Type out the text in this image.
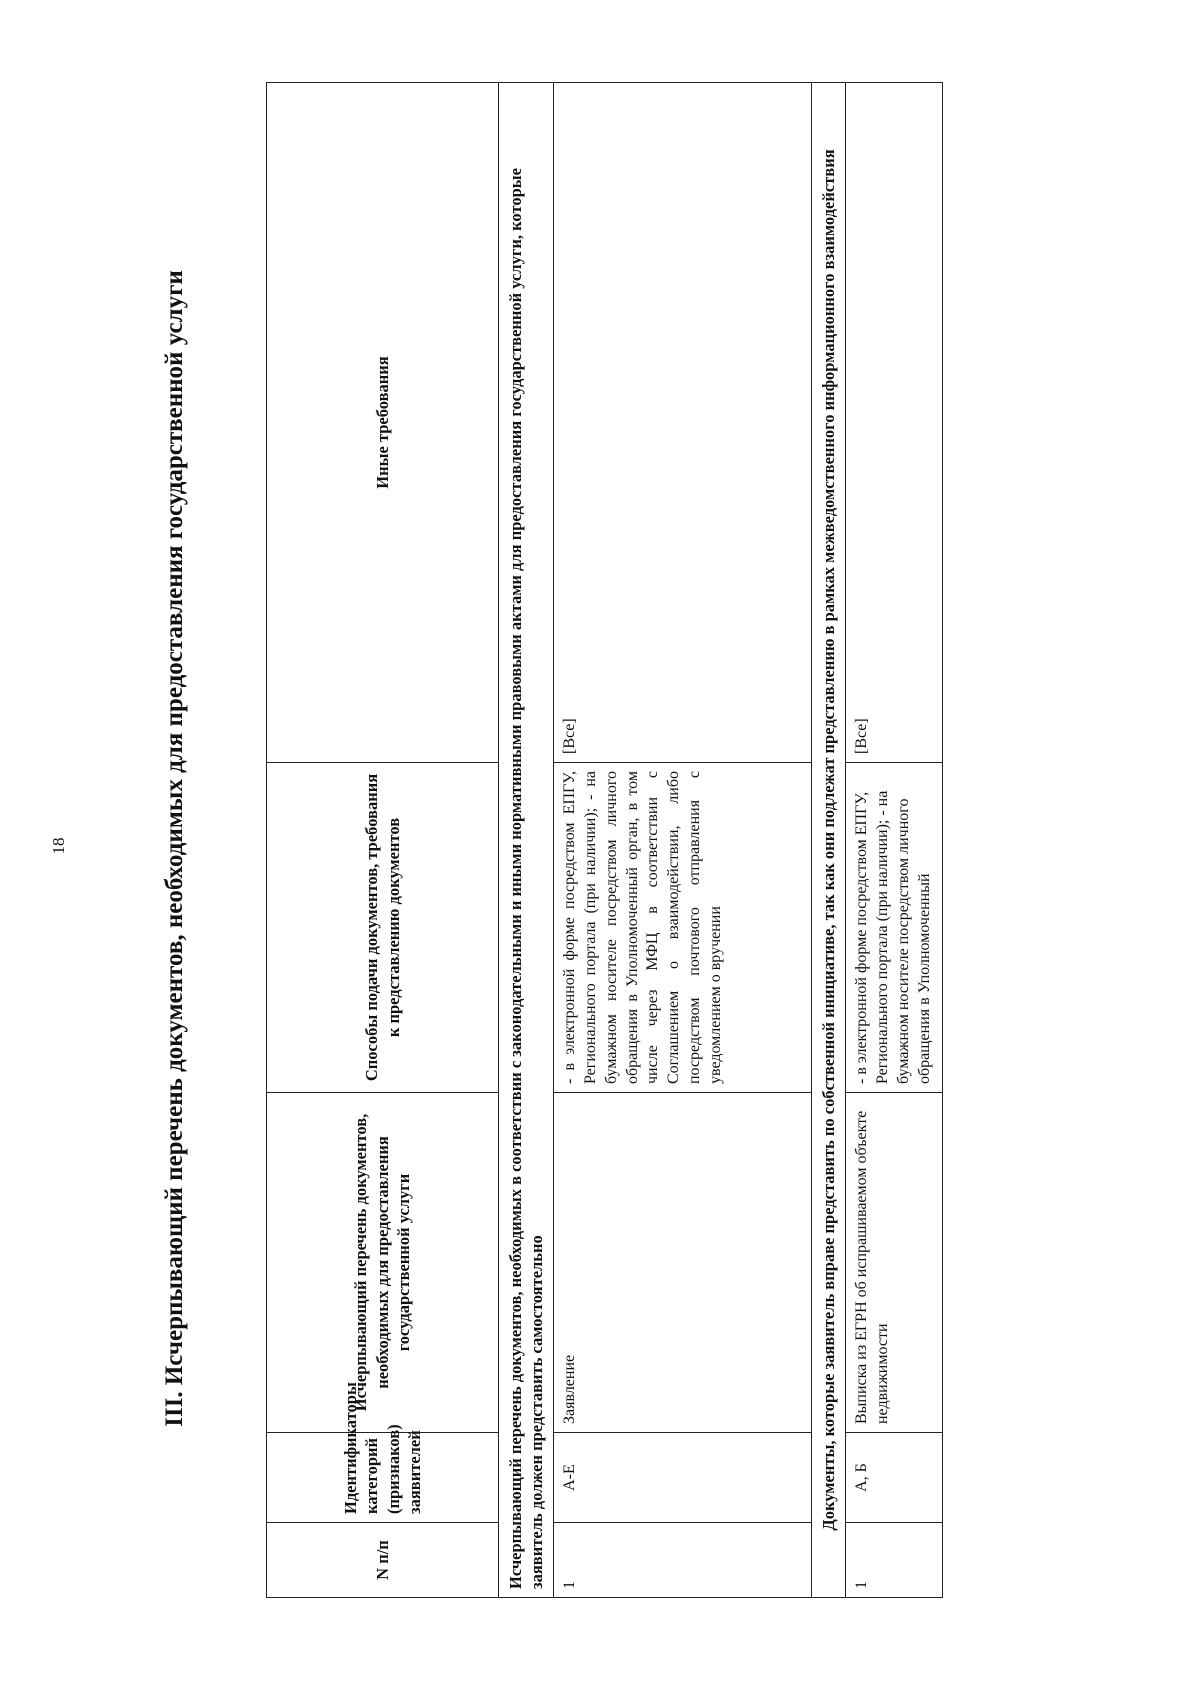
18	III. Исчерпывающий перечень документов, необходимых для предоставления государственной услуги
N п/п	Идентификаторы категорий (признаков) заявителей	Исчерпывающий перечень документов, необходимых для предоставления государственной услуги	Способы подачи документов, требования к представлению документов	Иные требования
Исчерпывающий перечень документов, необходимых в соответствии с законодательными и иными нормативными правовыми актами для предоставления государственной услуги, которые заявитель должен представить самостоятельно				
1	А-Е	Заявление	- в электронной форме посредством ЕПГУ, Регионального портала (при наличии); - на бумажном носителе посредством личного обращения в Уполномоченный орган, в том числе через МФЦ в соответствии с Соглашением о взаимодействии, либо посредством почтового отправления с уведомлением о вручении	[Все]
Документы, которые заявитель вправе представить по собственной инициативе, так как они подлежат представлению в рамках межведомственного информационного взаимодействия				
1	А, Б	Выписка из ЕГРН об испрашиваемом объекте недвижимости	- в электронной форме посредством ЕПГУ, Регионального портала (при наличии); - на бумажном носителе посредством личного обращения в Уполномоченный	[Все]
